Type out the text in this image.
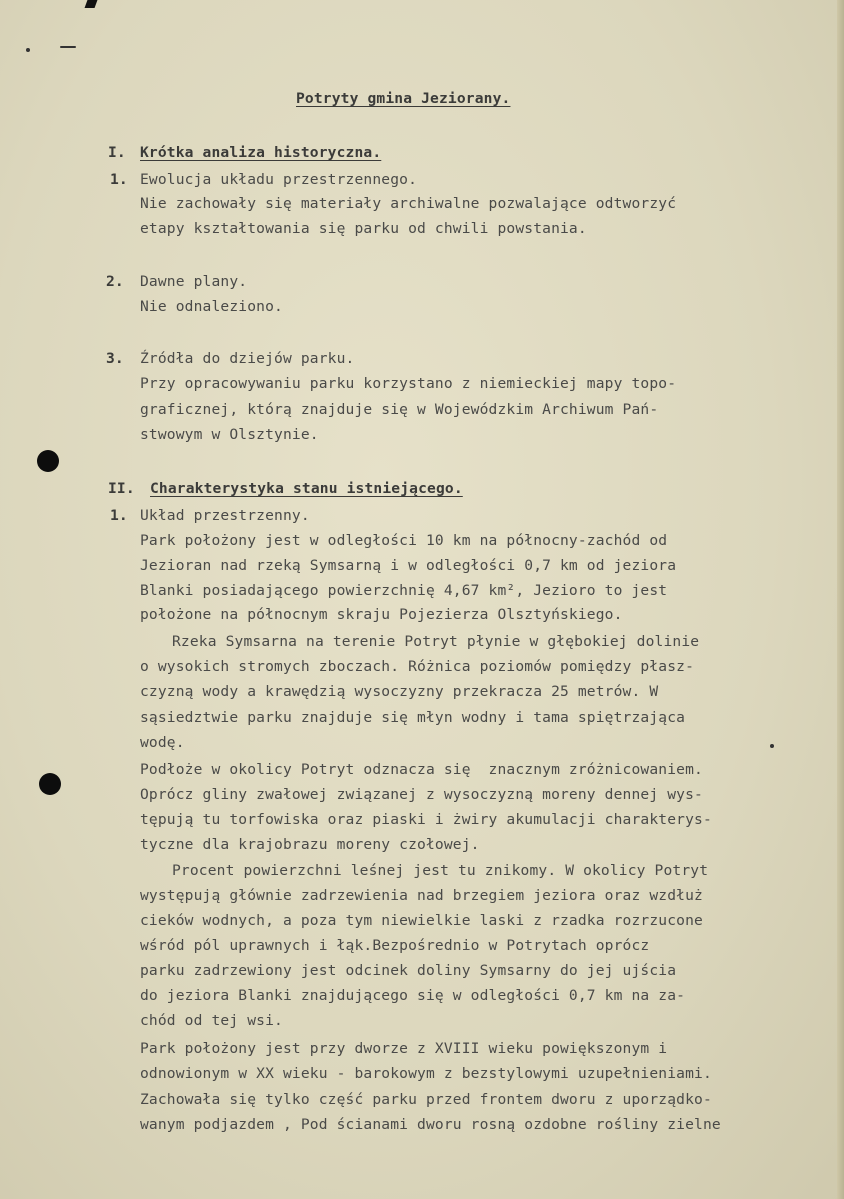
Potryty gmina Jeziorany.

I. Krótka analiza historyczna.

1. Ewolucja układu przestrzennego.

Nie zachowały się materiały archiwalne pozwalające odtworzyć

etapy kształtowania się parku od chwili powstania.

2. Dawne plany.

Nie odnaleziono.

3. Źródła do dziejów parku.

Przy opracowywaniu parku korzystano z niemieckiej mapy topo-

graficznej, którą znajduje się w Wojewódzkim Archiwum Pań-

stwowym w Olsztynie.

II. Charakterystyka stanu istniejącego.

1. Układ przestrzenny.

Park położony jest w odległości 10 km na północny-zachód od

Jezioran nad rzeką Symsarną i w odległości 0,7 km od jeziora

Blanki posiadającego powierzchnię 4,67 km², Jezioro to jest

położone na północnym skraju Pojezierza Olsztyńskiego.

Rzeka Symsarna na terenie Potryt płynie w głębokiej dolinie

o wysokich stromych zboczach. Różnica poziomów pomiędzy płasz-

czyzną wody a krawędzią wysoczyzny przekracza 25 metrów. W

sąsiedztwie parku znajduje się młyn wodny i tama spiętrzająca

wodę.

Podłoże w okolicy Potryt odznacza się  znacznym zróżnicowaniem.

Oprócz gliny zwałowej związanej z wysoczyzną moreny dennej wys-

tępują tu torfowiska oraz piaski i żwiry akumulacji charakterys-

tyczne dla krajobrazu moreny czołowej.

Procent powierzchni leśnej jest tu znikomy. W okolicy Potryt

występują głównie zadrzewienia nad brzegiem jeziora oraz wzdłuż

cieków wodnych, a poza tym niewielkie laski z rzadka rozrzucone

wśród pól uprawnych i łąk.Bezpośrednio w Potrytach oprócz

parku zadrzewiony jest odcinek doliny Symsarny do jej ujścia

do jeziora Blanki znajdującego się w odległości 0,7 km na za-

chód od tej wsi.

Park położony jest przy dworze z XVIII wieku powiększonym i

odnowionym w XX wieku - barokowym z bezstylowymi uzupełnieniami.

Zachowała się tylko część parku przed frontem dworu z uporządko-

wanym podjazdem , Pod ścianami dworu rosną ozdobne rośliny zielne
